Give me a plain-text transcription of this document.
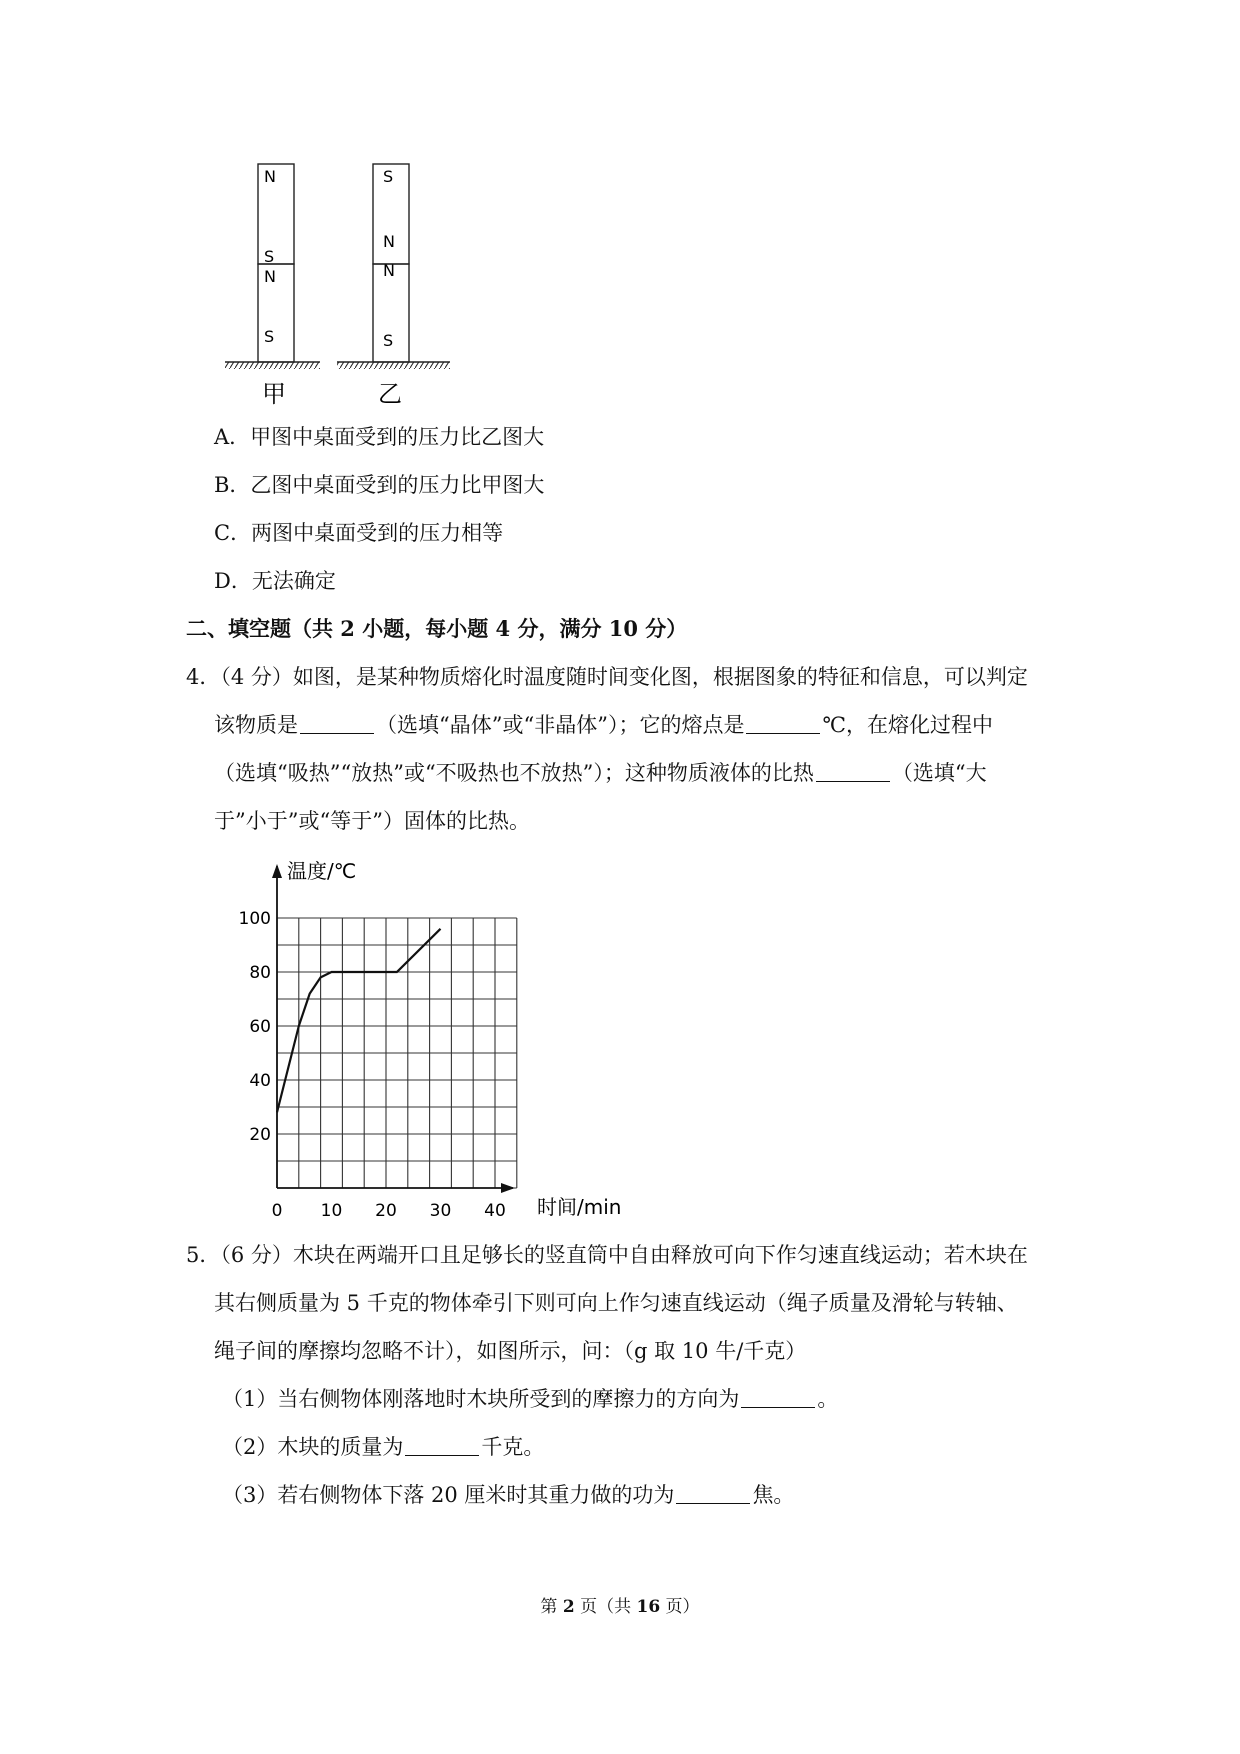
N
S
N
S
S
N
N
S
甲	乙
A．甲图中桌面受到的压力比乙图大
B．乙图中桌面受到的压力比甲图大
C．两图中桌面受到的压力相等
D．无法确定
二、填空题（共 2 小题，每小题 4 分，满分 10 分）
4．（4 分）如图，是某种物质熔化时温度随时间变化图，根据图象的特征和信息，可以判定
该物质是	（选填“晶体”或“非晶体”）；它的熔点是	℃，在熔化过程中
（选填“吸热”“放热”或“不吸热也不放热”）；这种物质液体的比热	（选填“大
于”小于”或“等于”）固体的比热。
20
40
60
80
100
0 10 20 30 40
温度/℃
时间/min
5．（6 分）木块在两端开口且足够长的竖直筒中自由释放可向下作匀速直线运动；若木块在
其右侧质量为 5 千克的物体牵引下则可向上作匀速直线运动（绳子质量及滑轮与转轴、
绳子间的摩擦均忽略不计），如图所示，问：（g 取 10 牛/千克）
（1）当右侧物体刚落地时木块所受到的摩擦力的方向为	。
（2）木块的质量为	千克。
（3）若右侧物体下落 20 厘米时其重力做的功为	焦。
第 2 页（共 16 页）
